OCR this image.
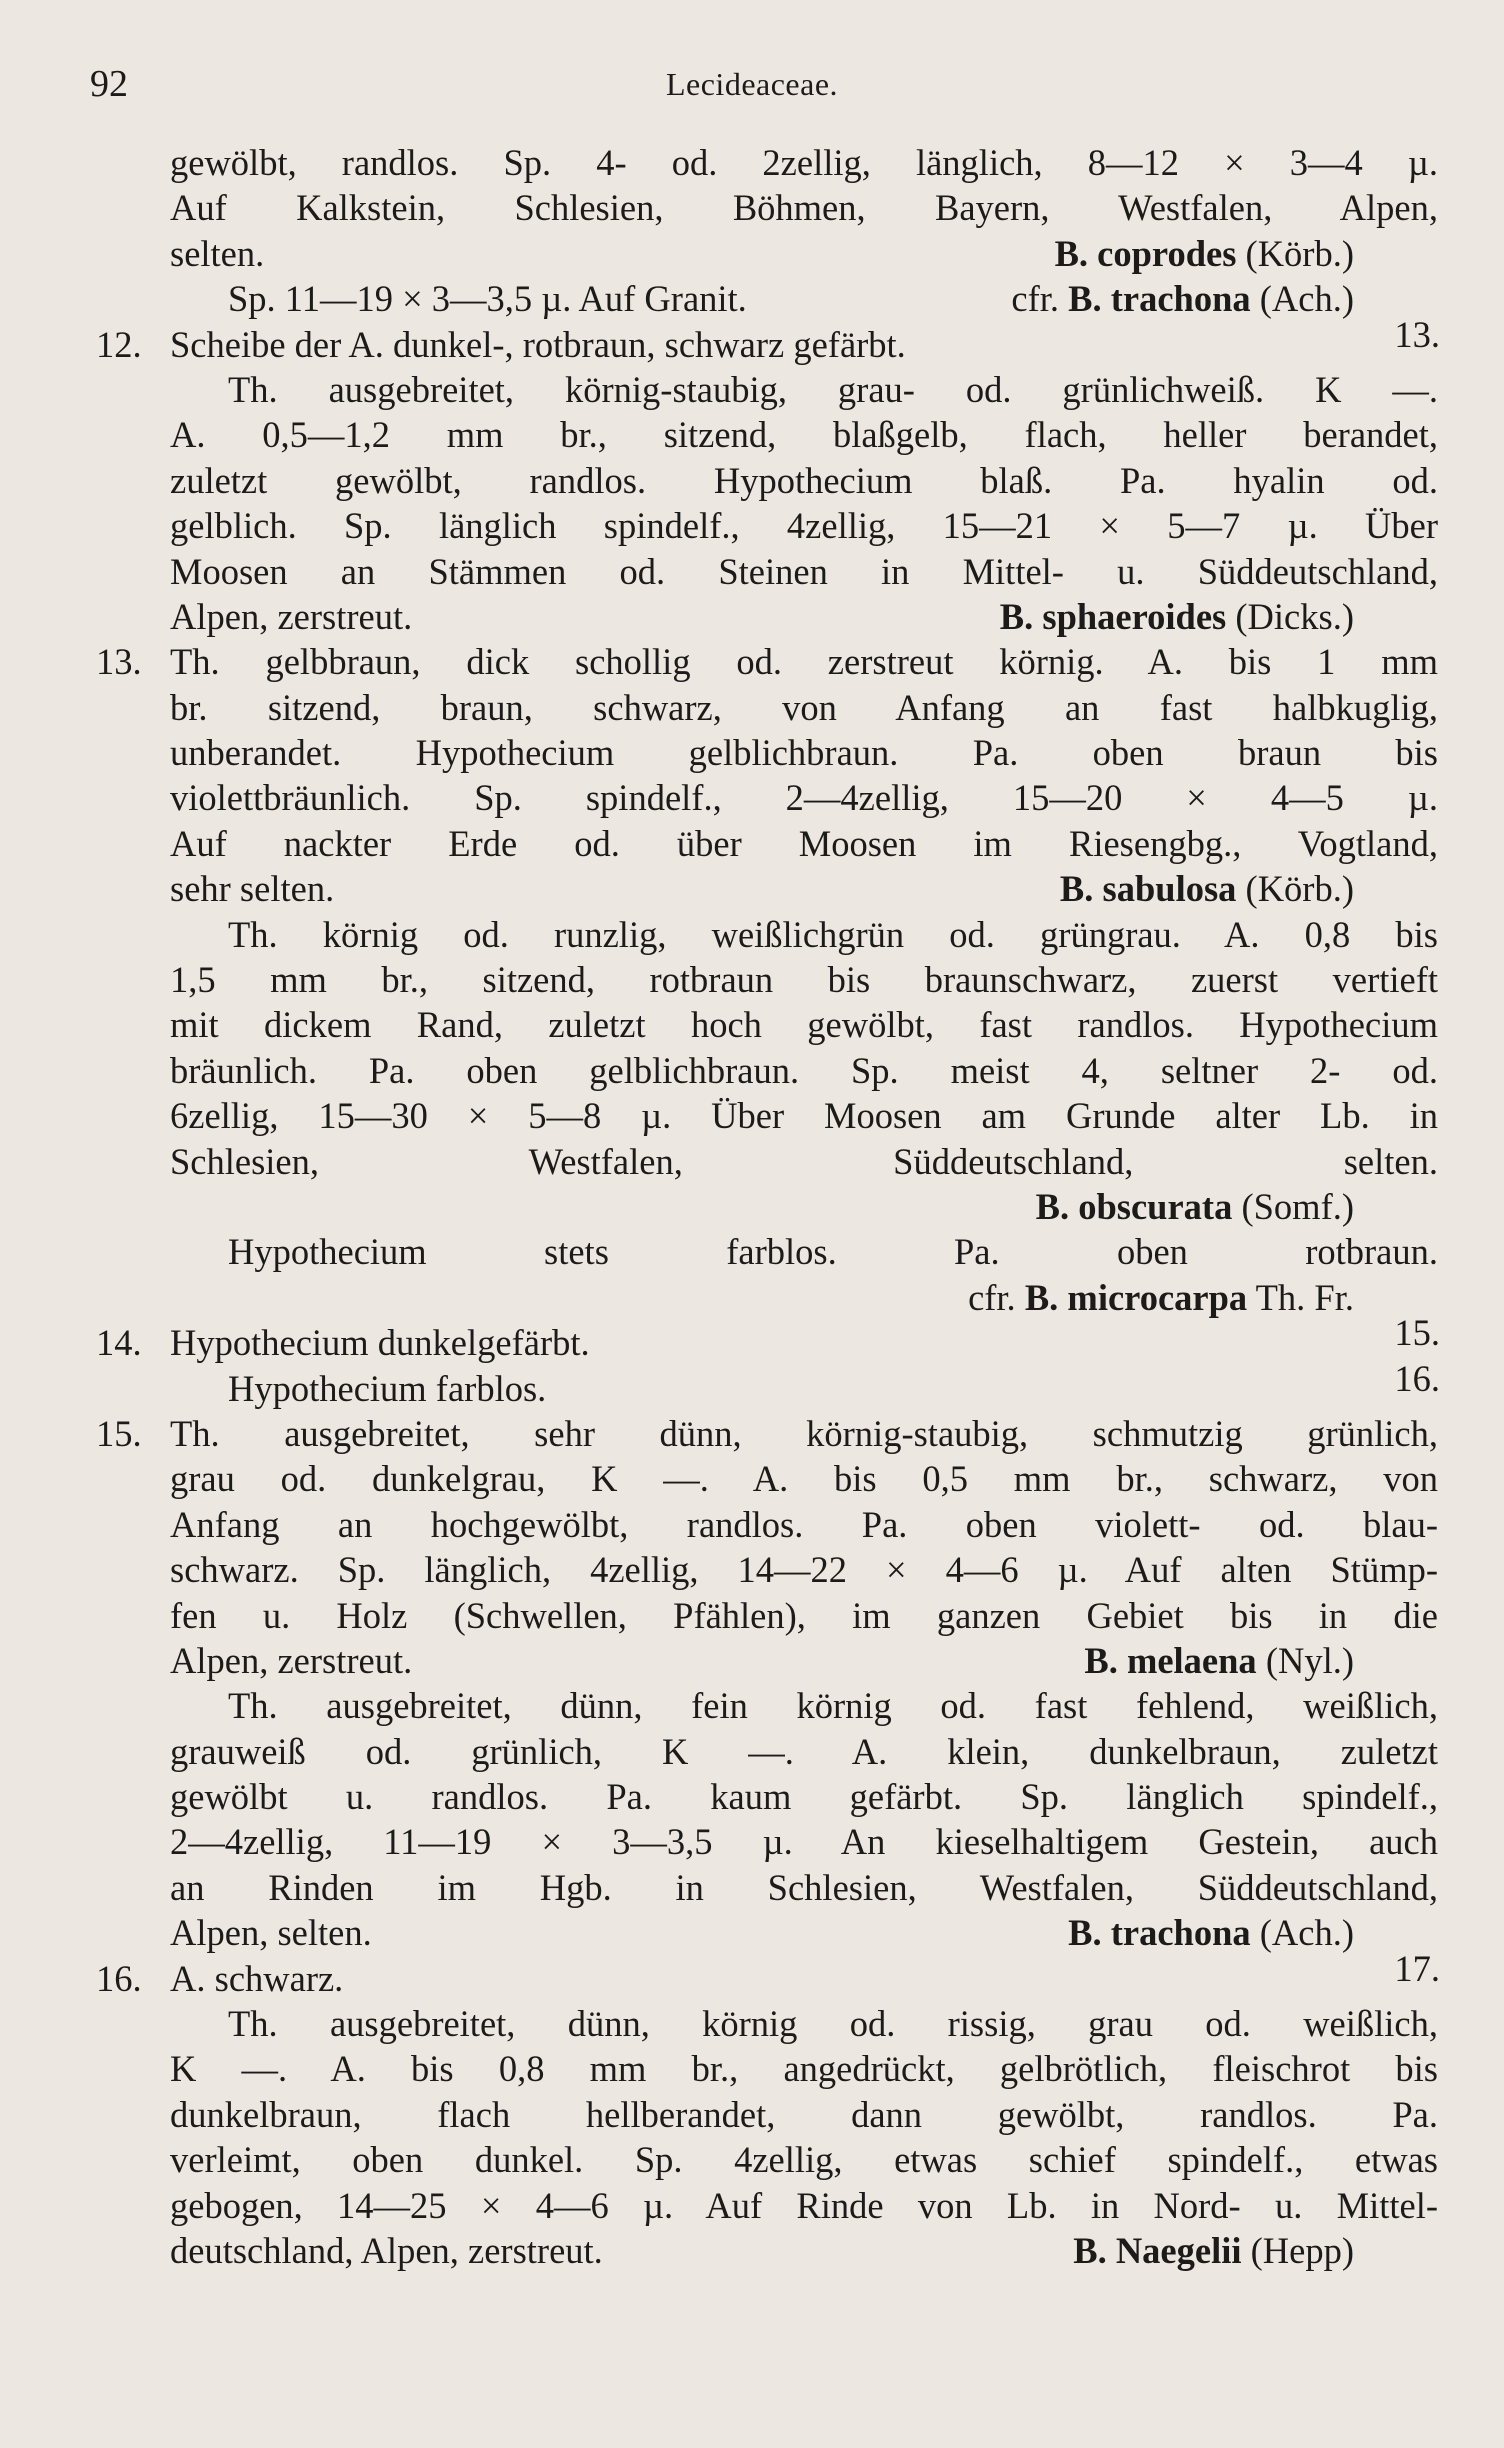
92	Lecideaceae.
gewölbt, randlos. Sp. 4- od. 2zellig, länglich, 8—12 × 3—4 µ.
Auf Kalkstein, Schlesien, Böhmen, Bayern, Westfalen, Alpen,
selten.	B. coprodes (Körb.)
Sp. 11—19 × 3—3,5 µ. Auf Granit.	cfr. B. trachona (Ach.)
12. Scheibe der A. dunkel-, rotbraun, schwarz gefärbt.	13.
Th. ausgebreitet, körnig-staubig, grau- od. grünlichweiß. K —.
A. 0,5—1,2 mm br., sitzend, blaßgelb, flach, heller berandet,
zuletzt gewölbt, randlos. Hypothecium blaß. Pa. hyalin od.
gelblich. Sp. länglich spindelf., 4zellig, 15—21 × 5—7 µ. Über
Moosen an Stämmen od. Steinen in Mittel- u. Süddeutschland,
Alpen, zerstreut.	B. sphaeroides (Dicks.)
13. Th. gelbbraun, dick schollig od. zerstreut körnig. A. bis 1 mm
br. sitzend, braun, schwarz, von Anfang an fast halbkuglig,
unberandet. Hypothecium gelblichbraun. Pa. oben braun bis
violettbräunlich. Sp. spindelf., 2—4zellig, 15—20 × 4—5 µ.
Auf nackter Erde od. über Moosen im Riesengbg., Vogtland,
sehr selten.	B. sabulosa (Körb.)
Th. körnig od. runzlig, weißlichgrün od. grüngrau. A. 0,8 bis
1,5 mm br., sitzend, rotbraun bis braunschwarz, zuerst vertieft
mit dickem Rand, zuletzt hoch gewölbt, fast randlos. Hypothecium
bräunlich. Pa. oben gelblichbraun. Sp. meist 4, seltner 2- od.
6zellig, 15—30 × 5—8 µ. Über Moosen am Grunde alter Lb. in
Schlesien, Westfalen, Süddeutschland, selten.
B. obscurata (Somf.)
Hypothecium stets farblos. Pa. oben rotbraun.
cfr. B. microcarpa Th. Fr.
14. Hypothecium dunkelgefärbt.	15.
Hypothecium farblos.	16.
15. Th. ausgebreitet, sehr dünn, körnig-staubig, schmutzig grünlich,
grau od. dunkelgrau, K —. A. bis 0,5 mm br., schwarz, von
Anfang an hochgewölbt, randlos. Pa. oben violett- od. blau-
schwarz. Sp. länglich, 4zellig, 14—22 × 4—6 µ. Auf alten Stümp-
fen u. Holz (Schwellen, Pfählen), im ganzen Gebiet bis in die
Alpen, zerstreut.	B. melaena (Nyl.)
Th. ausgebreitet, dünn, fein körnig od. fast fehlend, weißlich,
grauweiß od. grünlich, K —. A. klein, dunkelbraun, zuletzt
gewölbt u. randlos. Pa. kaum gefärbt. Sp. länglich spindelf.,
2—4zellig, 11—19 × 3—3,5 µ. An kieselhaltigem Gestein, auch
an Rinden im Hgb. in Schlesien, Westfalen, Süddeutschland,
Alpen, selten.	B. trachona (Ach.)
16. A. schwarz.	17.
Th. ausgebreitet, dünn, körnig od. rissig, grau od. weißlich,
K —. A. bis 0,8 mm br., angedrückt, gelbrötlich, fleischrot bis
dunkelbraun, flach hellberandet, dann gewölbt, randlos. Pa.
verleimt, oben dunkel. Sp. 4zellig, etwas schief spindelf., etwas
gebogen, 14—25 × 4—6 µ. Auf Rinde von Lb. in Nord- u. Mittel-
deutschland, Alpen, zerstreut.	B. Naegelii (Hepp)
